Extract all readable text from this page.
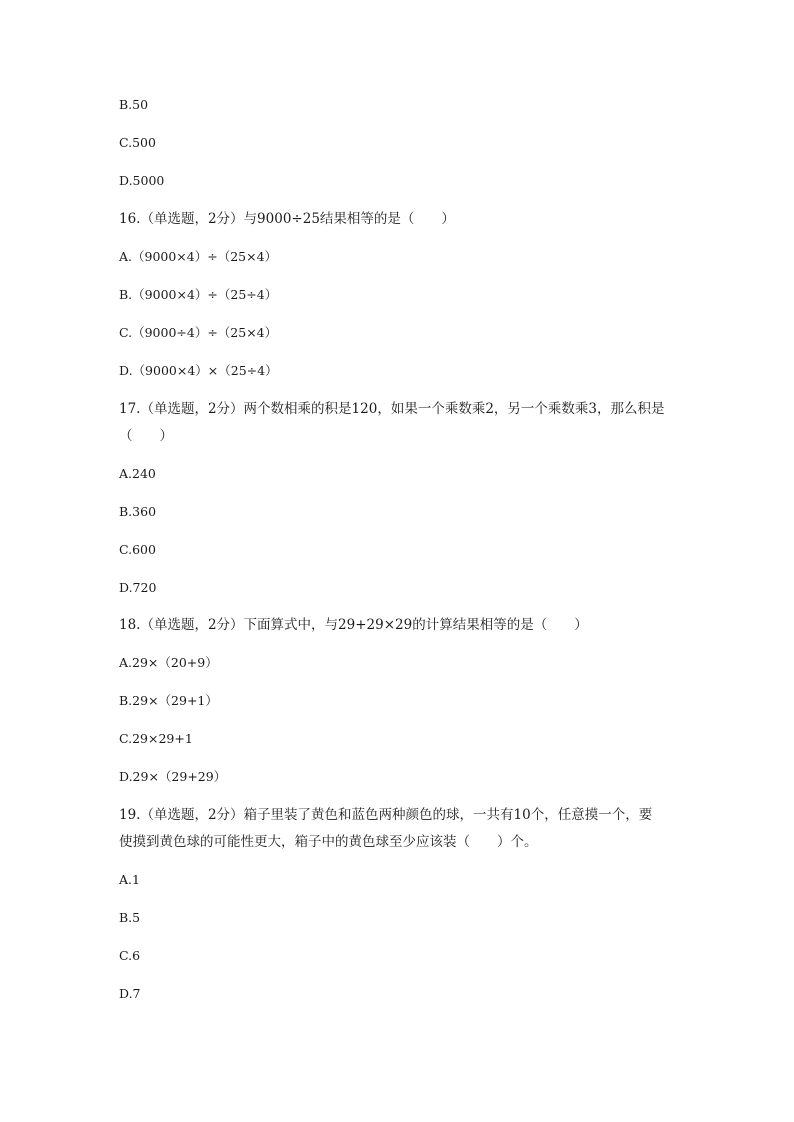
B.50
C.500
D.5000
16.（单选题，2分）与9000÷25结果相等的是（　　）
A.（9000×4）÷（25×4）
B.（9000×4）÷（25÷4）
C.（9000÷4）÷（25×4）
D.（9000×4）×（25÷4）
17.（单选题，2分）两个数相乘的积是120，如果一个乘数乘2，另一个乘数乘3，那么积是
（　　）
A.240
B.360
C.600
D.720
18.（单选题，2分）下面算式中，与29+29×29的计算结果相等的是（　　）
A.29×（20+9）
B.29×（29+1）
C.29×29+1
D.29×（29+29）
19.（单选题，2分）箱子里装了黄色和蓝色两种颜色的球，一共有10个，任意摸一个，要
使摸到黄色球的可能性更大，箱子中的黄色球至少应该装（　　）个。
A.1
B.5
C.6
D.7
